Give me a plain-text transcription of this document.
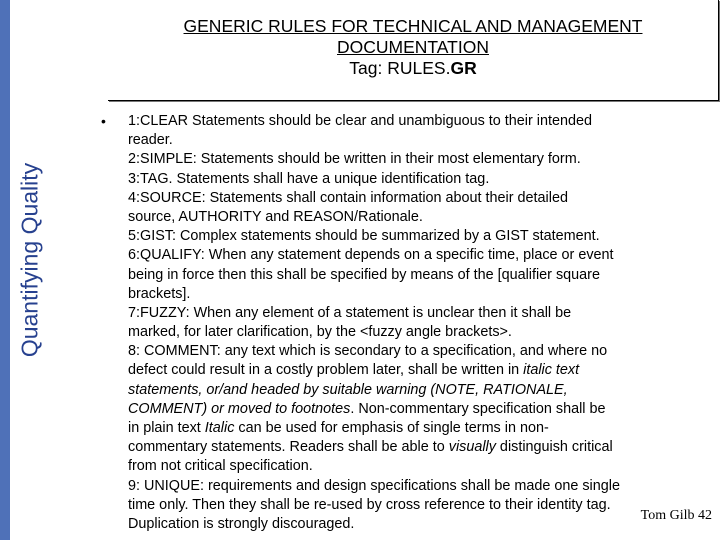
Quantifying Quality
GENERIC RULES FOR TECHNICAL AND MANAGEMENT
DOCUMENTATION
Tag: RULES.GR
• 1:CLEAR Statements should be clear and unambiguous to their intended
reader.
2:SIMPLE: Statements should be written in their most elementary form.
3:TAG. Statements shall have a unique identification tag.
4:SOURCE: Statements shall contain information about their detailed
source, AUTHORITY and REASON/Rationale.
5:GIST: Complex statements should be summarized by a GIST statement.
6:QUALIFY: When any statement depends on a specific time, place or event
being in force then this shall be specified by means of the [qualifier square
brackets].
7:FUZZY: When any element of a statement is unclear then it shall be
marked, for later clarification, by the <fuzzy angle brackets>.
8: COMMENT: any text which is secondary to a specification, and where no
defect could result in a costly problem later, shall be written in italic text
statements, or/and headed by suitable warning (NOTE, RATIONALE,
COMMENT) or moved to footnotes. Non-commentary specification shall be
in plain text Italic can be used for emphasis of single terms in non-
commentary statements. Readers shall be able to visually distinguish critical
from not critical specification.
9: UNIQUE: requirements and design specifications shall be made one single
time only. Then they shall be re-used by cross reference to their identity tag.
Duplication is strongly discouraged.
Tom Gilb 42
